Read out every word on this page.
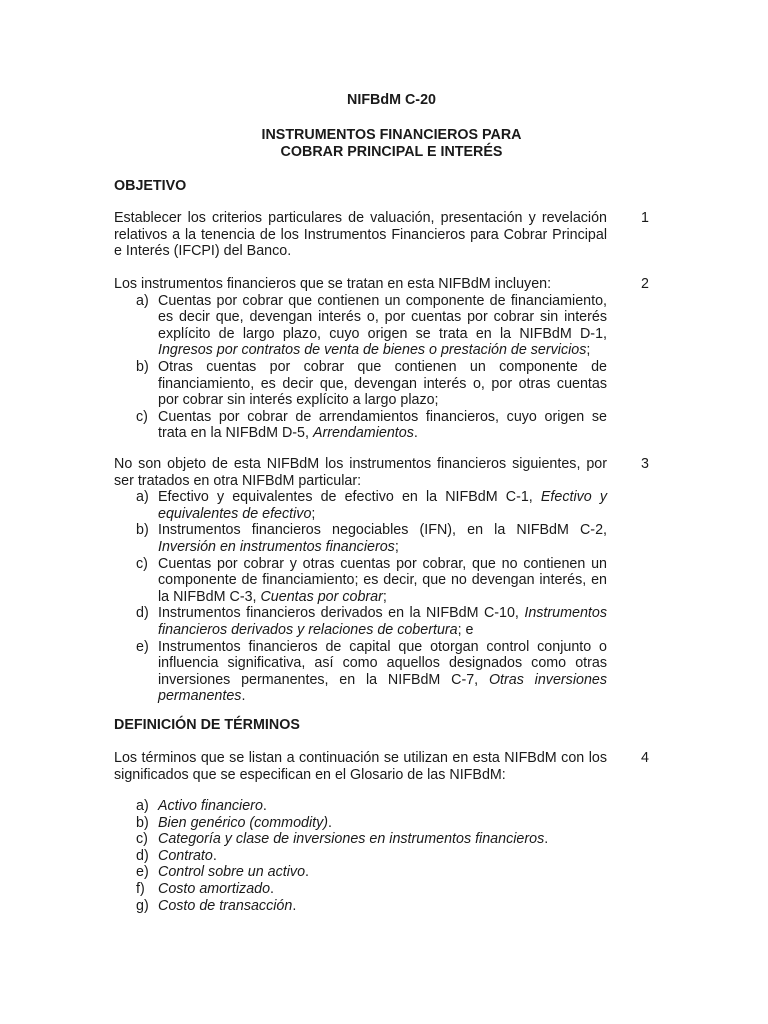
NIFBdM C-20
INSTRUMENTOS FINANCIEROS PARA
COBRAR PRINCIPAL E INTERÉS
OBJETIVO

Establecer los criterios particulares de valuación, presentación y revelación relativos a la tenencia de los Instrumentos Financieros para Cobrar Principal e Interés (IFCPI) del Banco.

1

Los instrumentos financieros que se tratan en esta NIFBdM incluyen:

a) Cuentas por cobrar que contienen un componente de financiamiento, es decir que, devengan interés o, por cuentas por cobrar sin interés explícito de largo plazo, cuyo origen se trata en la NIFBdM D-1, Ingresos por contratos de venta de bienes o prestación de servicios;
b) Otras cuentas por cobrar que contienen un componente de financiamiento, es decir que, devengan interés o, por otras cuentas por cobrar sin interés explícito a largo plazo;
c) Cuentas por cobrar de arrendamientos financieros, cuyo origen se trata en la NIFBdM D-5, Arrendamientos.
2

No son objeto de esta NIFBdM los instrumentos financieros siguientes, por ser tratados en otra NIFBdM particular:

a) Efectivo y equivalentes de efectivo en la NIFBdM C-1, Efectivo y equivalentes de efectivo;
b) Instrumentos financieros negociables (IFN), en la NIFBdM C-2, Inversión en instrumentos financieros;
c) Cuentas por cobrar y otras cuentas por cobrar, que no contienen un componente de financiamiento; es decir, que no devengan interés, en la NIFBdM C-3, Cuentas por cobrar;
d) Instrumentos financieros derivados en la NIFBdM C-10, Instrumentos financieros derivados y relaciones de cobertura; e
e) Instrumentos financieros de capital que otorgan control conjunto o influencia significativa, así como aquellos designados como otras inversiones permanentes, en la NIFBdM C-7, Otras inversiones permanentes.
3
DEFINICIÓN DE TÉRMINOS

Los términos que se listan a continuación se utilizan en esta NIFBdM con los significados que se especifican en el Glosario de las NIFBdM:

4
a) Activo financiero.
b) Bien genérico (commodity).
c) Categoría y clase de inversiones en instrumentos financieros.
d) Contrato.
e) Control sobre un activo.
f) Costo amortizado.
g) Costo de transacción.
